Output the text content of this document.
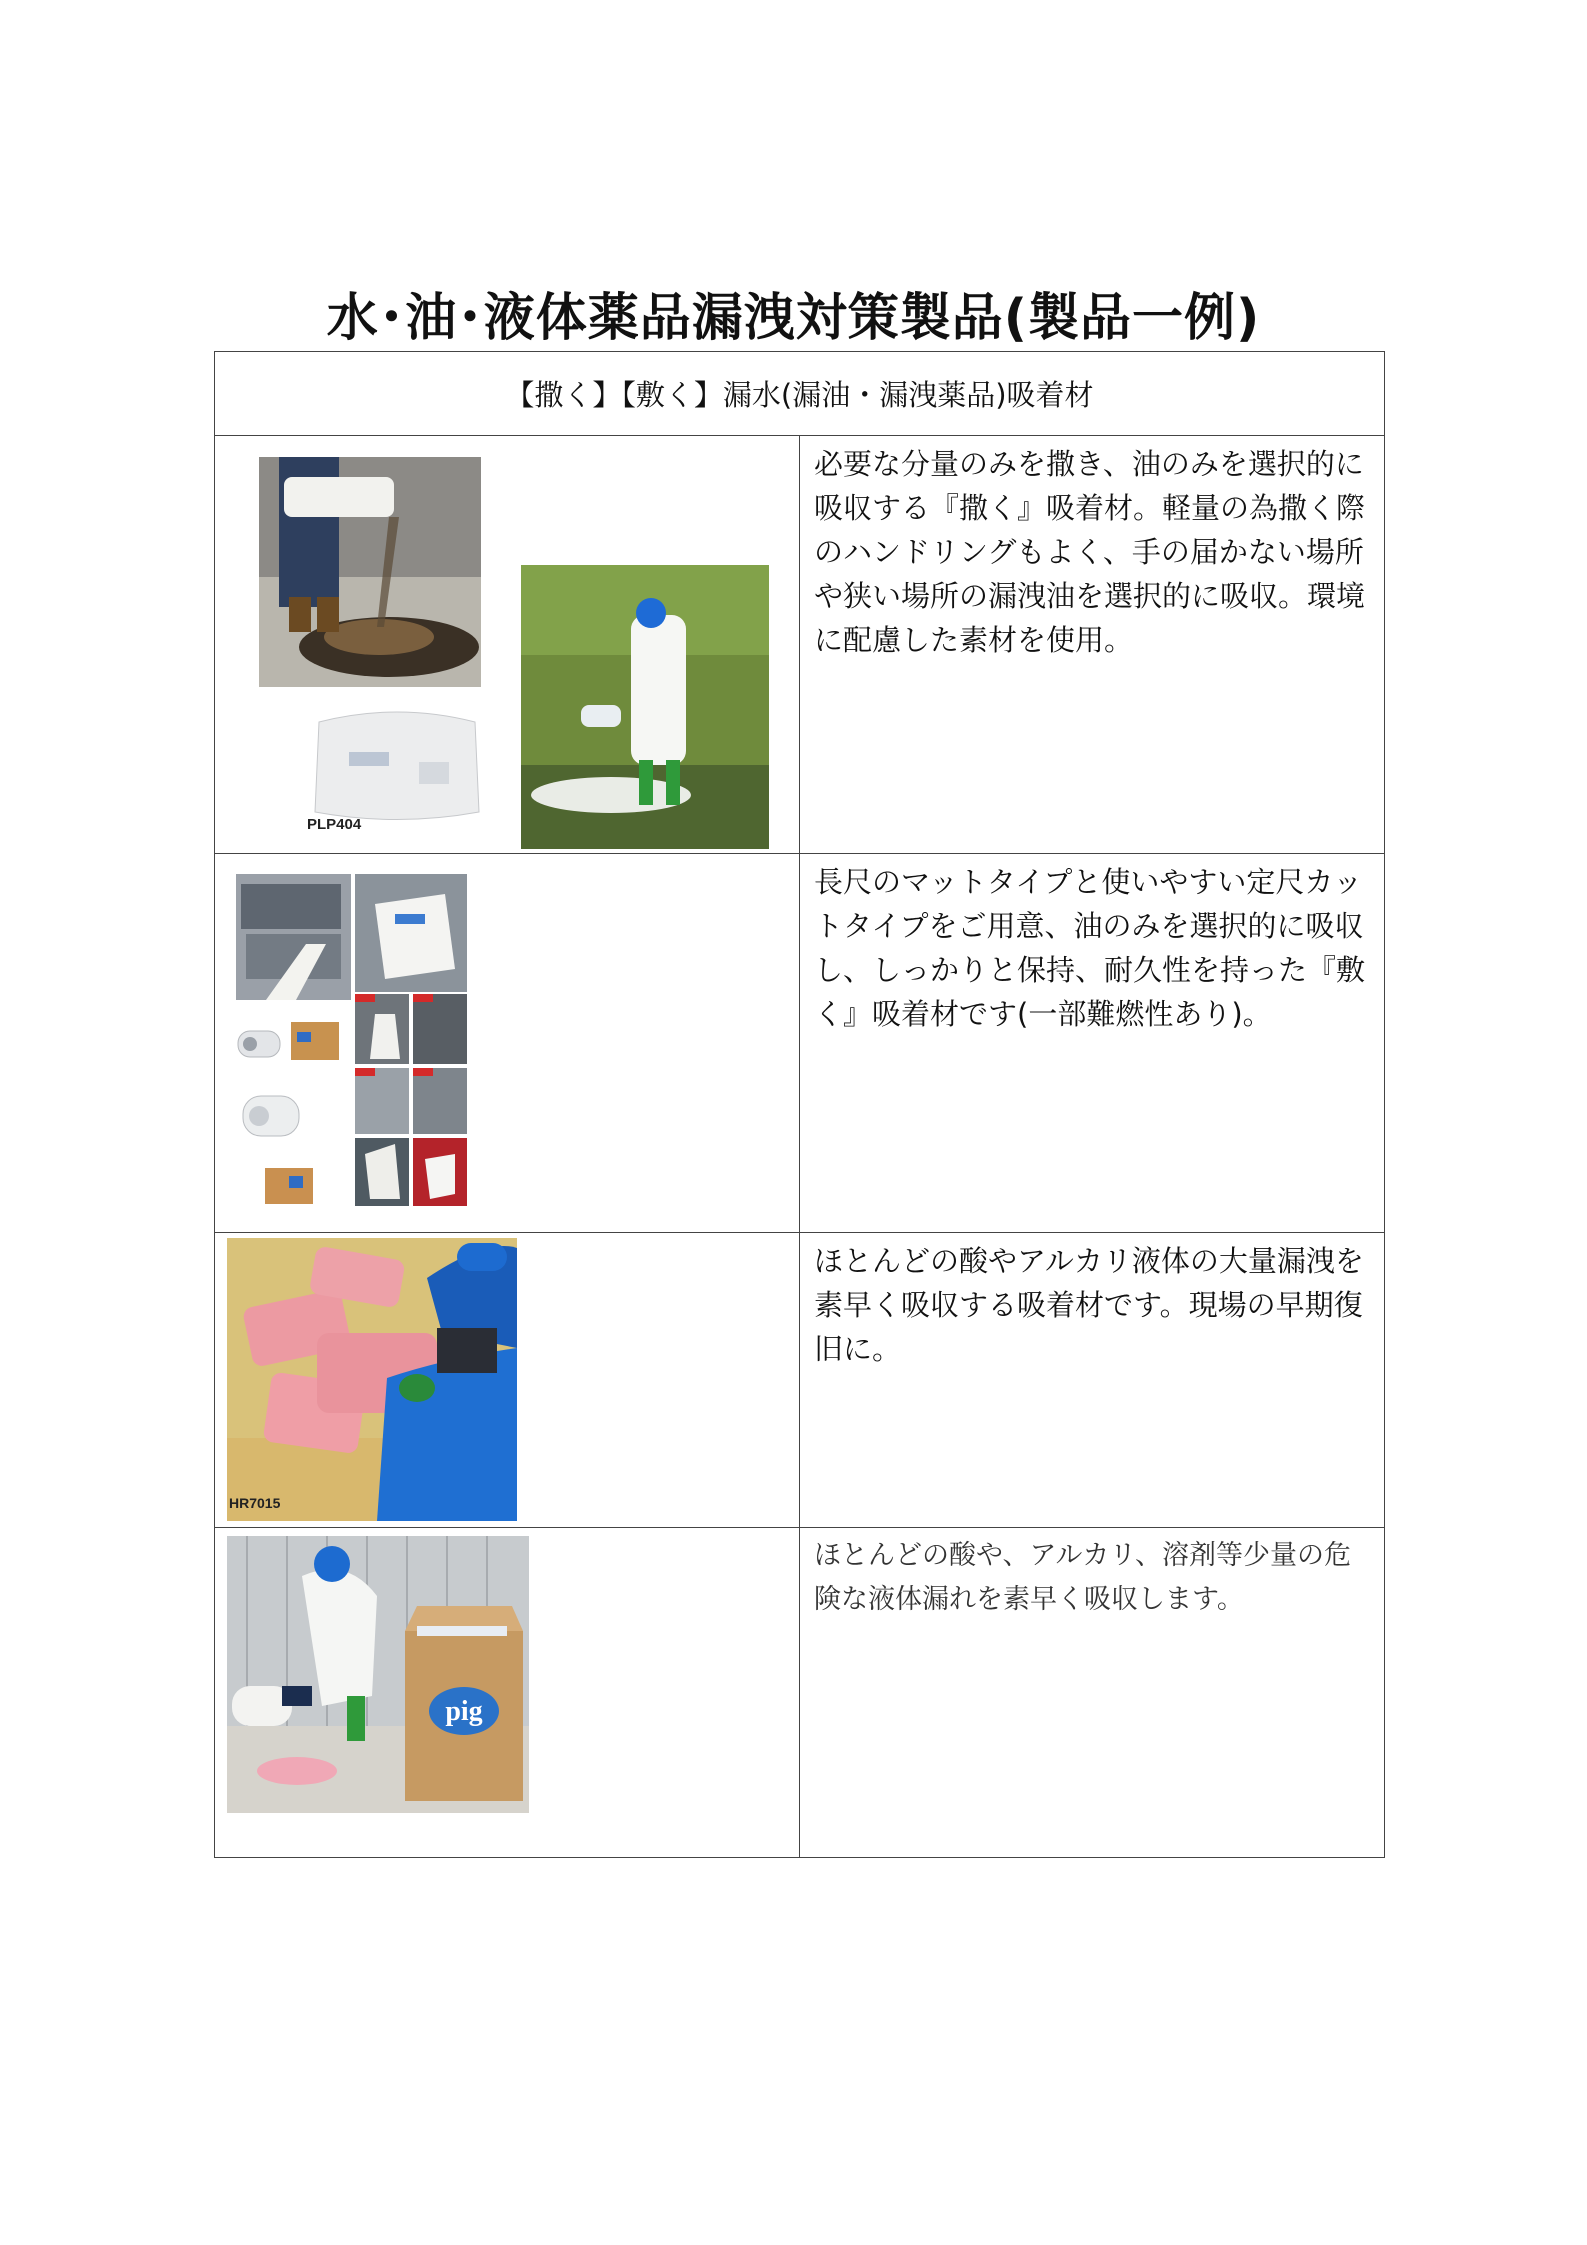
水･油･液体薬品漏洩対策製品(製品一例)
【撒く】【敷く】漏水(漏油・漏洩薬品)吸着材	

PLP404	必要な分量のみを撒き、油のみを選択的に吸収する『撒く』吸着材。軽量の為撒く際のハンドリングもよく、手の届かない場所や狭い場所の漏洩油を選択的に吸収。環境に配慮した素材を使用。

	長尺のマットタイプと使いやすい定尺カットタイプをご用意、油のみを選択的に吸収し、しっかりと保持、耐久性を持った『敷く』吸着材です(一部難燃性あり)。

HR7015	ほとんどの酸やアルカリ液体の大量漏洩を素早く吸収する吸着材です。現場の早期復旧に。

pig	ほとんどの酸や、アルカリ、溶剤等少量の危険な液体漏れを素早く吸収します。
